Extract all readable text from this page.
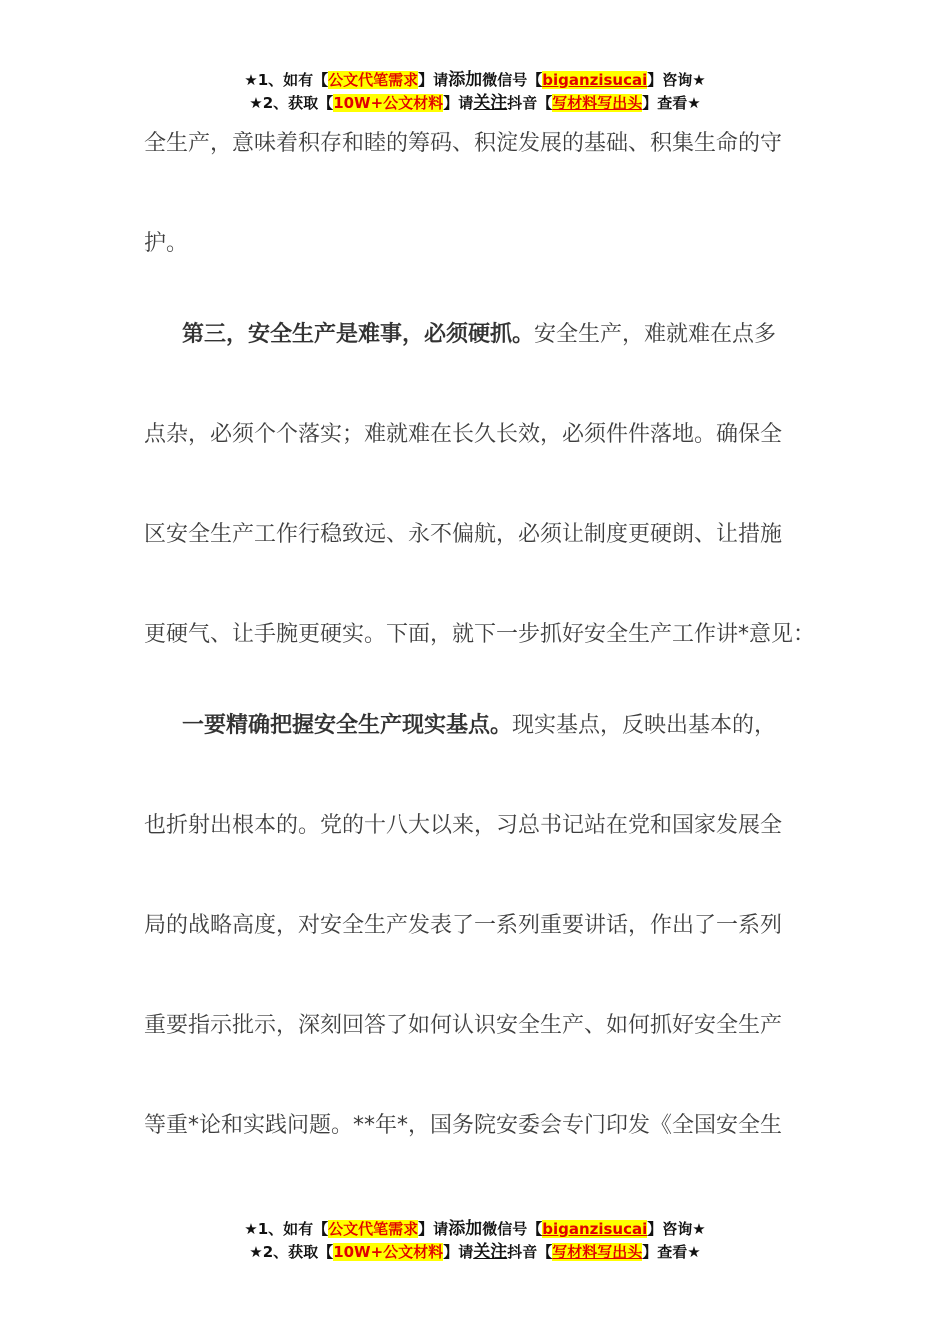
★1、如有【公文代笔需求】请添加微信号【biganzisucai】咨询★
★2、获取【10W+公文材料】请关注抖音【写材料写出头】查看★
全生产，意味着积存和睦的筹码、积淀发展的基础、积集生命的守
护。
第三，安全生产是难事，必须硬抓。安全生产，难就难在点多
点杂，必须个个落实；难就难在长久长效，必须件件落地。确保全
区安全生产工作行稳致远、永不偏航，必须让制度更硬朗、让措施
更硬气、让手腕更硬实。下面，就下一步抓好安全生产工作讲*意见：
一要精确把握安全生产现实基点。现实基点，反映出基本的，
也折射出根本的。党的十八大以来，习总书记站在党和国家发展全
局的战略高度，对安全生产发表了一系列重要讲话，作出了一系列
重要指示批示，深刻回答了如何认识安全生产、如何抓好安全生产
等重*论和实践问题。**年*，国务院安委会专门印发《全国安全生
★1、如有【公文代笔需求】请添加微信号【biganzisucai】咨询★
★2、获取【10W+公文材料】请关注抖音【写材料写出头】查看★
